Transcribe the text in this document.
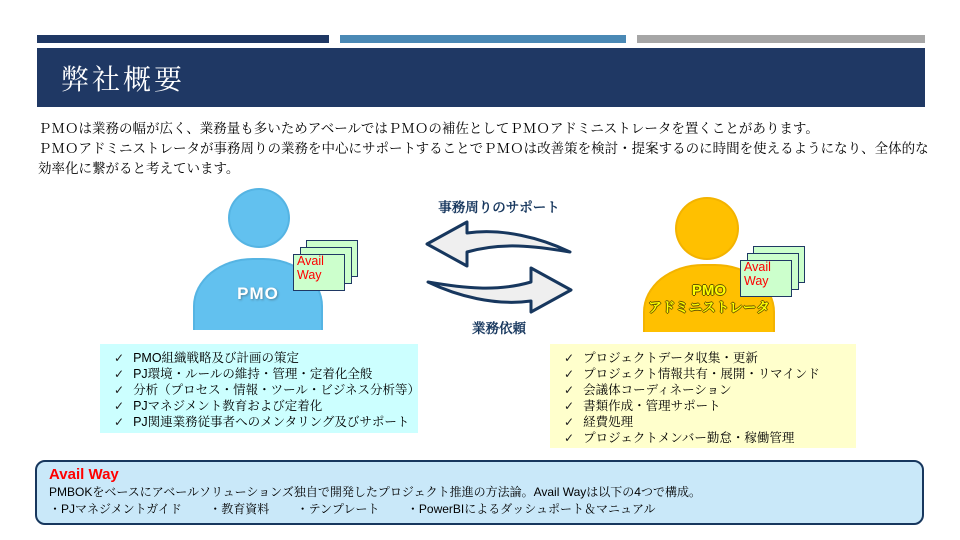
弊社概要
ＰＭＯは業務の幅が広く、業務量も多いためアベールではＰＭＯの補佐としてＰＭＯアドミニストレータを置くことがあります。
ＰＭＯアドミニストレータが事務周りの業務を中心にサポートすることでＰＭＯは改善策を検討・提案するのに時間を使えるようになり、全体的な
効率化に繋がると考えています。
PMO
Avail
Way
事務周りのサポート
業務依頼
PMO
アドミニストレータ
Avail
Way
✓ PMO組織戦略及び計画の策定
✓ PJ環境・ルールの維持・管理・定着化全般
✓ 分析（プロセス・情報・ツール・ビジネス分析等）
✓ PJマネジメント教育および定着化
✓ PJ関連業務従事者へのメンタリング及びサポート
✓ プロジェクトデータ収集・更新
✓ プロジェクト情報共有・展開・リマインド
✓ 会議体コーディネーション
✓ 書類作成・管理サポート
✓ 経費処理
✓ プロジェクトメンバー勤怠・稼働管理
Avail Way
PMBOKをベースにアベールソリューションズ独自で開発したプロジェクト推進の方法論。Avail Wayは以下の4つで構成。
・PJマネジメントガイド ・教育資料 ・テンプレート ・PowerBIによるダッシュポート＆マニュアル
